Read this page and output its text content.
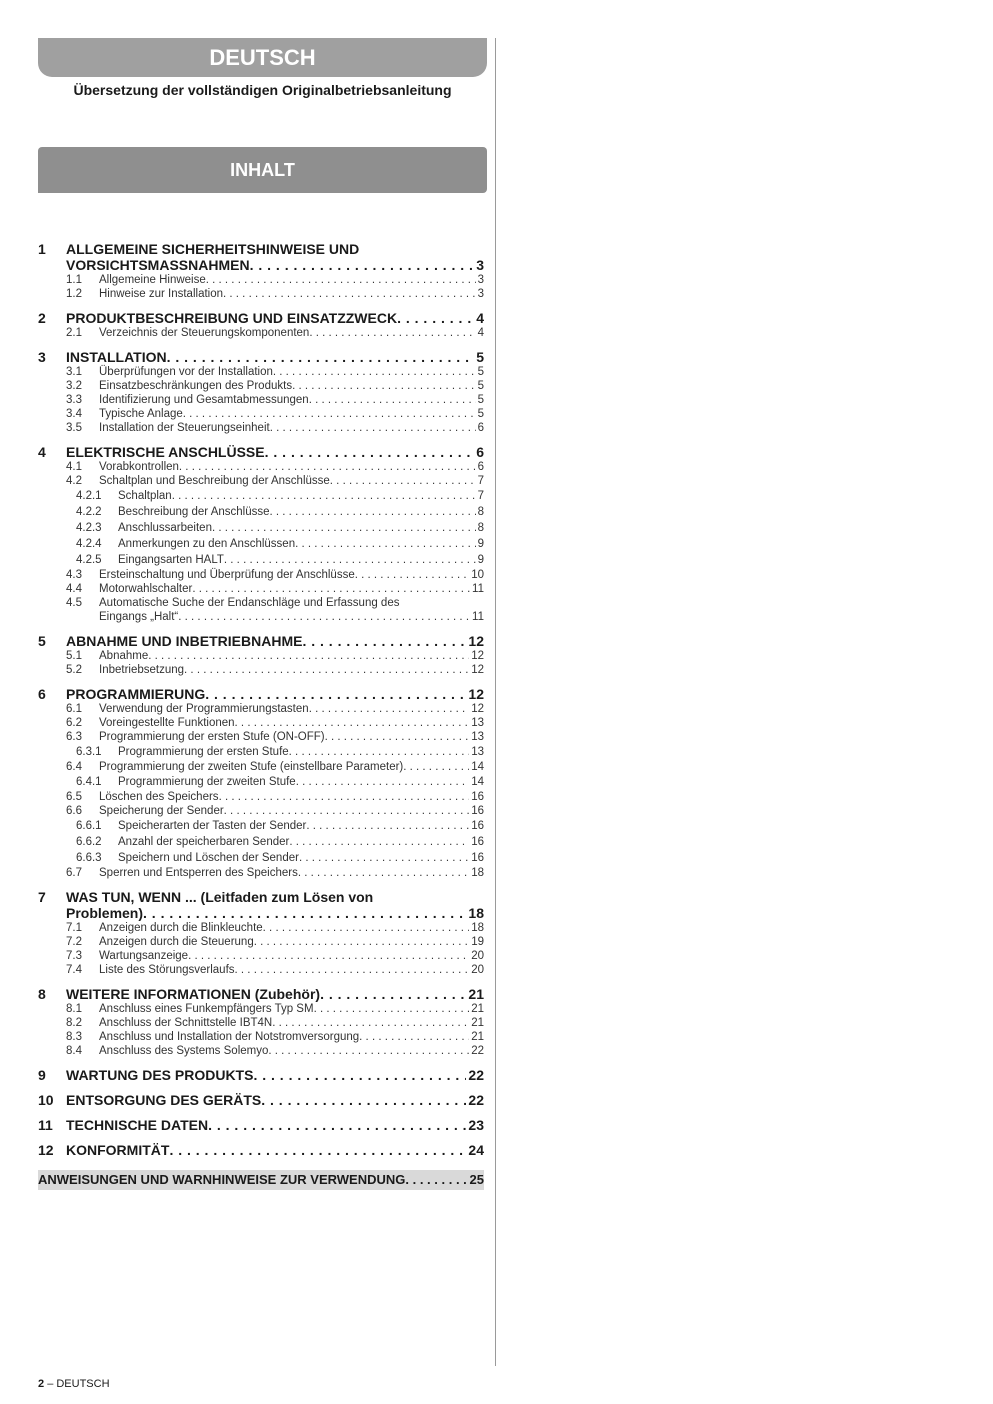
DEUTSCH
Übersetzung der vollständigen Originalbetriebsanleitung
INHALT
1 ALLGEMEINE SICHERHEITSHINWEISE UND
VORSICHTSMASSNAHMEN . . .	3
1.1 Allgemeine Hinweise . . .	3
1.2 Hinweise zur Installation . . .	3
2 PRODUKTBESCHREIBUNG UND EINSATZZWECK . . .	4
2.1 Verzeichnis der Steuerungskomponenten . . .	4
3 INSTALLATION . . .	5
3.1 Überprüfungen vor der Installation . . .	5
3.2 Einsatzbeschränkungen des Produkts . . .	5
3.3 Identifizierung und Gesamtabmessungen . . .	5
3.4 Typische Anlage . . .	5
3.5 Installation der Steuerungseinheit . . .	6
4 ELEKTRISCHE ANSCHLÜSSE . . .	6
4.1 Vorabkontrollen . . .	6
4.2 Schaltplan und Beschreibung der Anschlüsse . . .	7
4.2.1 Schaltplan . . .	7
4.2.2 Beschreibung der Anschlüsse . . .	8
4.2.3 Anschlussarbeiten . . .	8
4.2.4 Anmerkungen zu den Anschlüssen . . .	9
4.2.5 Eingangsarten HALT . . .	9
4.3 Ersteinschaltung und Überprüfung der Anschlüsse . . .	10
4.4 Motorwahlschalter . . .	11
4.5 Automatische Suche der Endanschläge und Erfassung des
Eingangs „Halt“ . . .	11
5 ABNAHME UND INBETRIEBNAHME . . .	12
5.1 Abnahme . . .	12
5.2 Inbetriebsetzung . . .	12
6 PROGRAMMIERUNG . . .	12
6.1 Verwendung der Programmierungstasten . . .	12
6.2 Voreingestellte Funktionen . . .	13
6.3 Programmierung der ersten Stufe (ON-OFF) . . .	13
6.3.1 Programmierung der ersten Stufe . . .	13
6.4 Programmierung der zweiten Stufe (einstellbare Parameter) . . .	14
6.4.1 Programmierung der zweiten Stufe . . .	14
6.5 Löschen des Speichers . . .	16
6.6 Speicherung der Sender . . .	16
6.6.1 Speicherarten der Tasten der Sender . . .	16
6.6.2 Anzahl der speicherbaren Sender . . .	16
6.6.3 Speichern und Löschen der Sender . . .	16
6.7 Sperren und Entsperren des Speichers . . .	18
7 WAS TUN, WENN ... (Leitfaden zum Lösen von
Problemen) . . .	18
7.1 Anzeigen durch die Blinkleuchte . . .	18
7.2 Anzeigen durch die Steuerung . . .	19
7.3 Wartungsanzeige . . .	20
7.4 Liste des Störungsverlaufs . . .	20
8 WEITERE INFORMATIONEN (Zubehör) . . .	21
8.1 Anschluss eines Funkempfängers Typ SM . . .	21
8.2 Anschluss der Schnittstelle IBT4N . . .	21
8.3 Anschluss und Installation der Notstromversorgung . . .	21
8.4 Anschluss des Systems Solemyo . . .	22
9 WARTUNG DES PRODUKTS . . .	22
10 ENTSORGUNG DES GERÄTS . . .	22
11 TECHNISCHE DATEN . . .	23
12 KONFORMITÄT . . .	24
ANWEISUNGEN UND WARNHINWEISE ZUR VERWENDUNG . . .	25
2 – DEUTSCH
